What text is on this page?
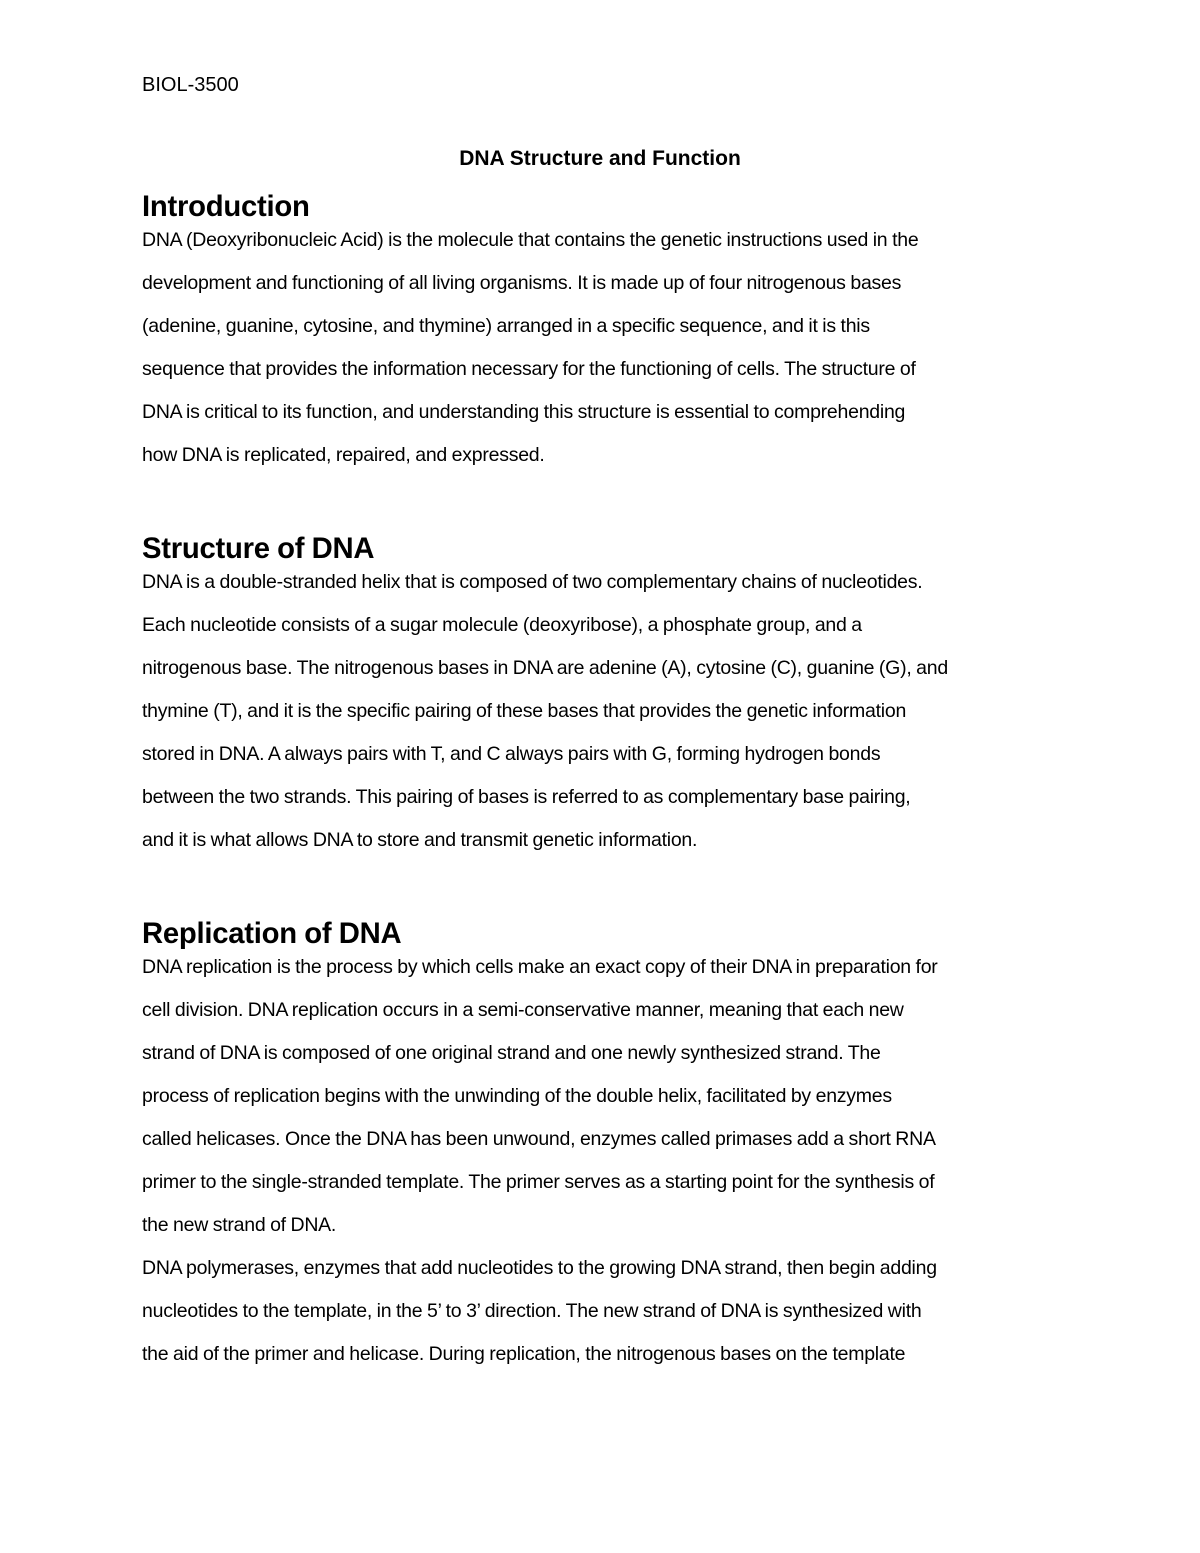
BIOL-3500

DNA Structure and Function
Introduction

DNA (Deoxyribonucleic Acid) is the molecule that contains the genetic instructions used in the
development and functioning of all living organisms. It is made up of four nitrogenous bases
(adenine, guanine, cytosine, and thymine) arranged in a specific sequence, and it is this
sequence that provides the information necessary for the functioning of cells. The structure of
DNA is critical to its function, and understanding this structure is essential to comprehending
how DNA is replicated, repaired, and expressed.

Structure of DNA

DNA is a double-stranded helix that is composed of two complementary chains of nucleotides.
Each nucleotide consists of a sugar molecule (deoxyribose), a phosphate group, and a
nitrogenous base. The nitrogenous bases in DNA are adenine (A), cytosine (C), guanine (G), and
thymine (T), and it is the specific pairing of these bases that provides the genetic information
stored in DNA. A always pairs with T, and C always pairs with G, forming hydrogen bonds
between the two strands. This pairing of bases is referred to as complementary base pairing,
and it is what allows DNA to store and transmit genetic information.

Replication of DNA

DNA replication is the process by which cells make an exact copy of their DNA in preparation for
cell division. DNA replication occurs in a semi-conservative manner, meaning that each new
strand of DNA is composed of one original strand and one newly synthesized strand. The
process of replication begins with the unwinding of the double helix, facilitated by enzymes
called helicases. Once the DNA has been unwound, enzymes called primases add a short RNA
primer to the single-stranded template. The primer serves as a starting point for the synthesis of
the new strand of DNA.

DNA polymerases, enzymes that add nucleotides to the growing DNA strand, then begin adding
nucleotides to the template, in the 5’ to 3’ direction. The new strand of DNA is synthesized with
the aid of the primer and helicase. During replication, the nitrogenous bases on the template
